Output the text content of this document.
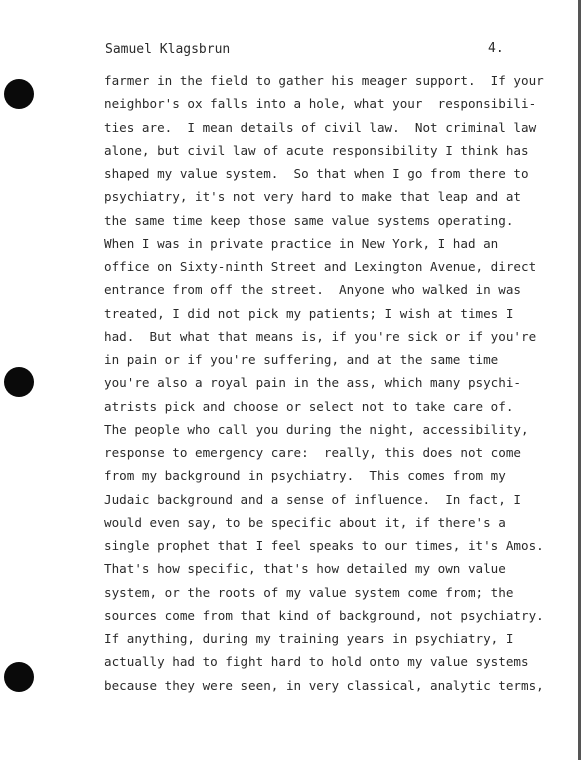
Samuel Klagsbrun	4.
farmer in the field to gather his meager support.  If your
neighbor's ox falls into a hole, what your  responsibili-
ties are.  I mean details of civil law.  Not criminal law
alone, but civil law of acute responsibility I think has
shaped my value system.  So that when I go from there to
psychiatry, it's not very hard to make that leap and at
the same time keep those same value systems operating.
When I was in private practice in New York, I had an
office on Sixty-ninth Street and Lexington Avenue, direct
entrance from off the street.  Anyone who walked in was
treated, I did not pick my patients; I wish at times I
had.  But what that means is, if you're sick or if you're
in pain or if you're suffering, and at the same time
you're also a royal pain in the ass, which many psychi-
atrists pick and choose or select not to take care of.
The people who call you during the night, accessibility,
response to emergency care:  really, this does not come
from my background in psychiatry.  This comes from my
Judaic background and a sense of influence.  In fact, I
would even say, to be specific about it, if there's a
single prophet that I feel speaks to our times, it's Amos.
That's how specific, that's how detailed my own value
system, or the roots of my value system come from; the
sources come from that kind of background, not psychiatry.
If anything, during my training years in psychiatry, I
actually had to fight hard to hold onto my value systems
because they were seen, in very classical, analytic terms,
